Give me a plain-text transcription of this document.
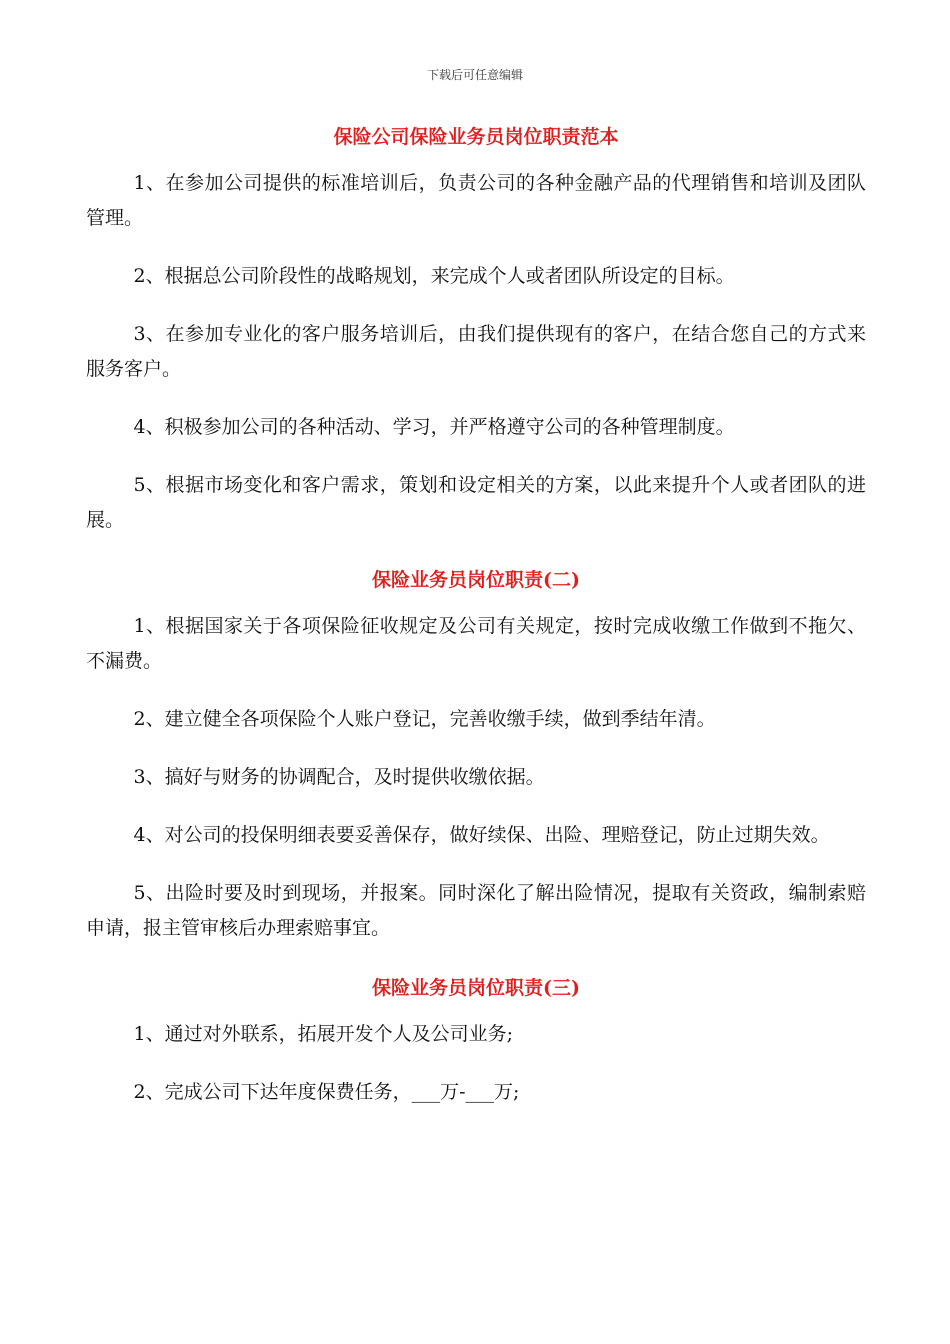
下载后可任意编辑
保险公司保险业务员岗位职责范本

1、在参加公司提供的标准培训后，负责公司的各种金融产品的代理销售和培训及团队管理。

2、根据总公司阶段性的战略规划，来完成个人或者团队所设定的目标。

3、在参加专业化的客户服务培训后，由我们提供现有的客户，在结合您自己的方式来服务客户。

4、积极参加公司的各种活动、学习，并严格遵守公司的各种管理制度。

5、根据市场变化和客户需求，策划和设定相关的方案，以此来提升个人或者团队的进展。

保险业务员岗位职责(二)

1、根据国家关于各项保险征收规定及公司有关规定，按时完成收缴工作做到不拖欠、不漏费。

2、建立健全各项保险个人账户登记，完善收缴手续，做到季结年清。

3、搞好与财务的协调配合，及时提供收缴依据。

4、对公司的投保明细表要妥善保存，做好续保、出险、理赔登记，防止过期失效。

5、出险时要及时到现场，并报案。同时深化了解出险情况，提取有关资政，编制索赔申请，报主管审核后办理索赔事宜。

保险业务员岗位职责(三)

1、通过对外联系，拓展开发个人及公司业务;

2、完成公司下达年度保费任务，___万-___万;
